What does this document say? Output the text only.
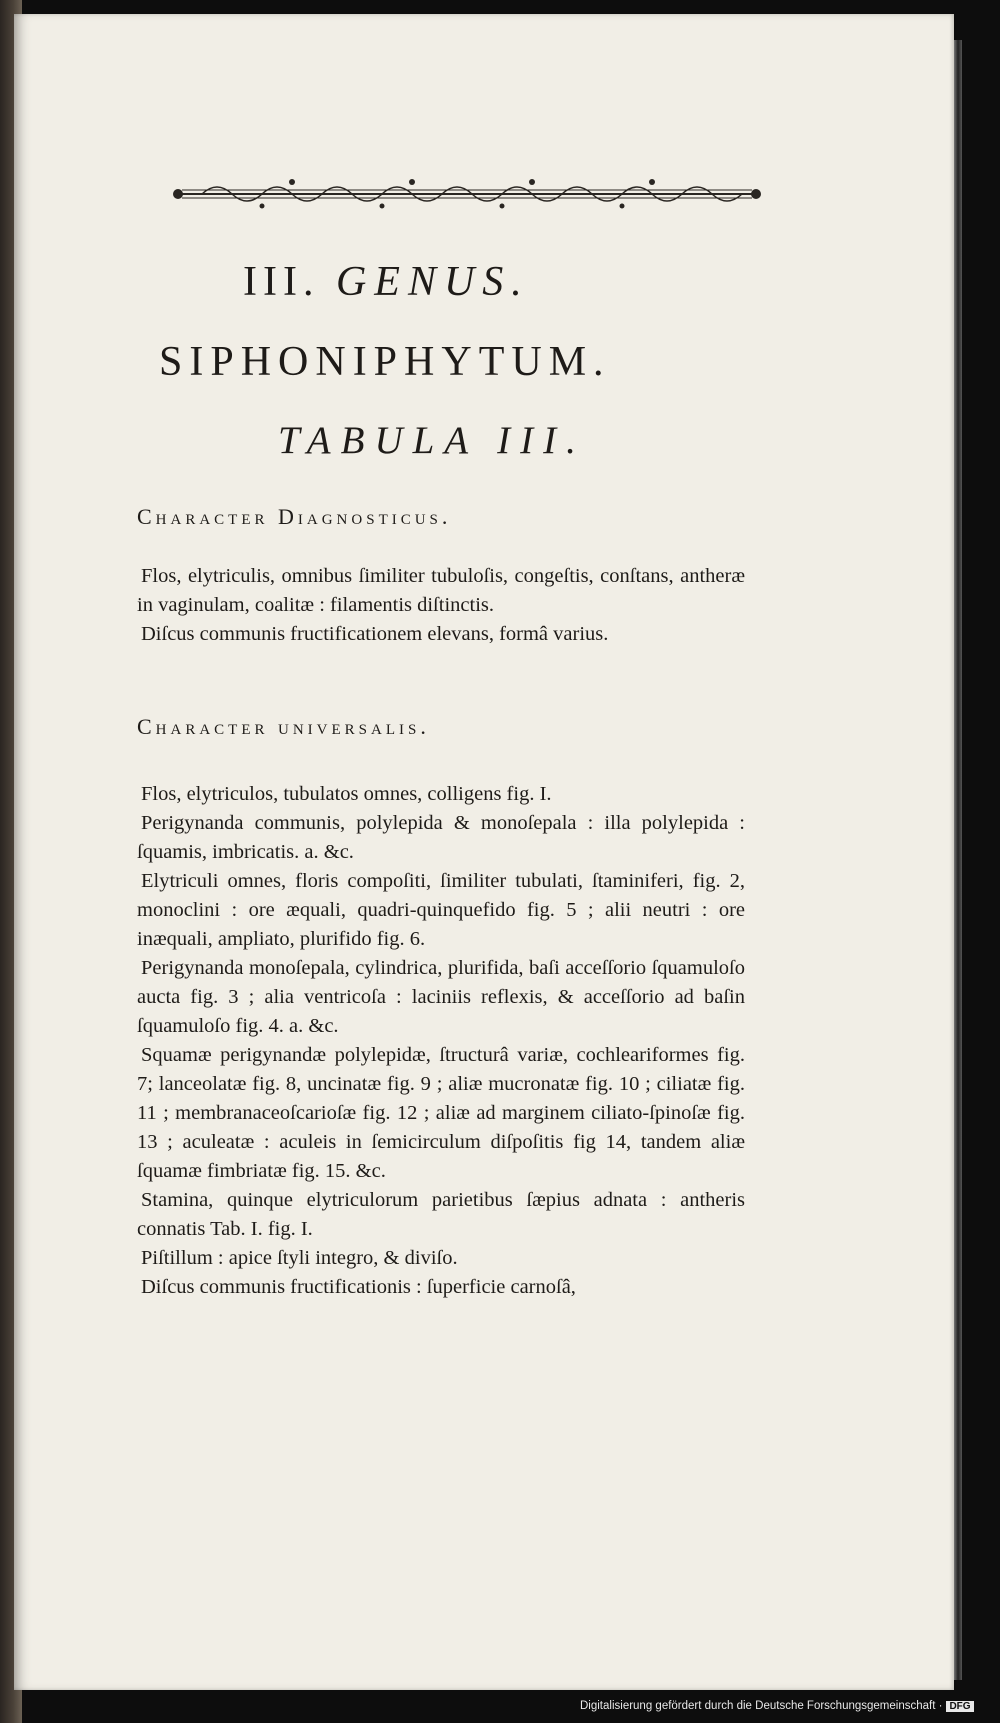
III. GENUS.
SIPHONIPHYTUM.
TABULA III.
Character Diagnosticus.

Flos, elytriculis, omnibus ſimiliter tubuloſis, congeſtis, conſtans, antheræ in vaginulam, coalitæ : filamentis diſtinctis.

Diſcus communis fructificationem elevans, formâ varius.

Character universalis.

Flos, elytriculos, tubulatos omnes, colligens fig. I.

Perigynanda communis, polylepida & monoſepala : illa polylepida : ſquamis, imbricatis. a. &c.

Elytriculi omnes, floris compoſiti, ſimiliter tubulati, ſtaminiferi, fig. 2, monoclini : ore æquali, quadri-quinquefido fig. 5 ; alii neutri : ore inæquali, ampliato, plurifido fig. 6.

Perigynanda monoſepala, cylindrica, plurifida, baſi acceſſorio ſquamuloſo aucta fig. 3 ; alia ventricoſa : laciniis reflexis, & acceſſorio ad baſin ſquamuloſo fig. 4. a. &c.

Squamæ perigynandæ polylepidæ, ſtructurâ variæ, cochleariformes fig. 7; lanceolatæ fig. 8, uncinatæ fig. 9 ; aliæ mucronatæ fig. 10 ; ciliatæ fig. 11 ; membranaceoſcarioſæ fig. 12 ; aliæ ad marginem ciliato-ſpinoſæ fig. 13 ; aculeatæ : aculeis in ſemicirculum diſpoſitis fig 14, tandem aliæ ſquamæ fimbriatæ fig. 15. &c.

Stamina, quinque elytriculorum parietibus ſæpius adnata : antheris connatis Tab. I. fig. I.

Piſtillum : apice ſtyli integro, & diviſo.

Diſcus communis fructificationis : ſuperficie carnoſâ,

Digitalisierung gefördert durch die Deutsche Forschungsgemeinschaft · DFG
